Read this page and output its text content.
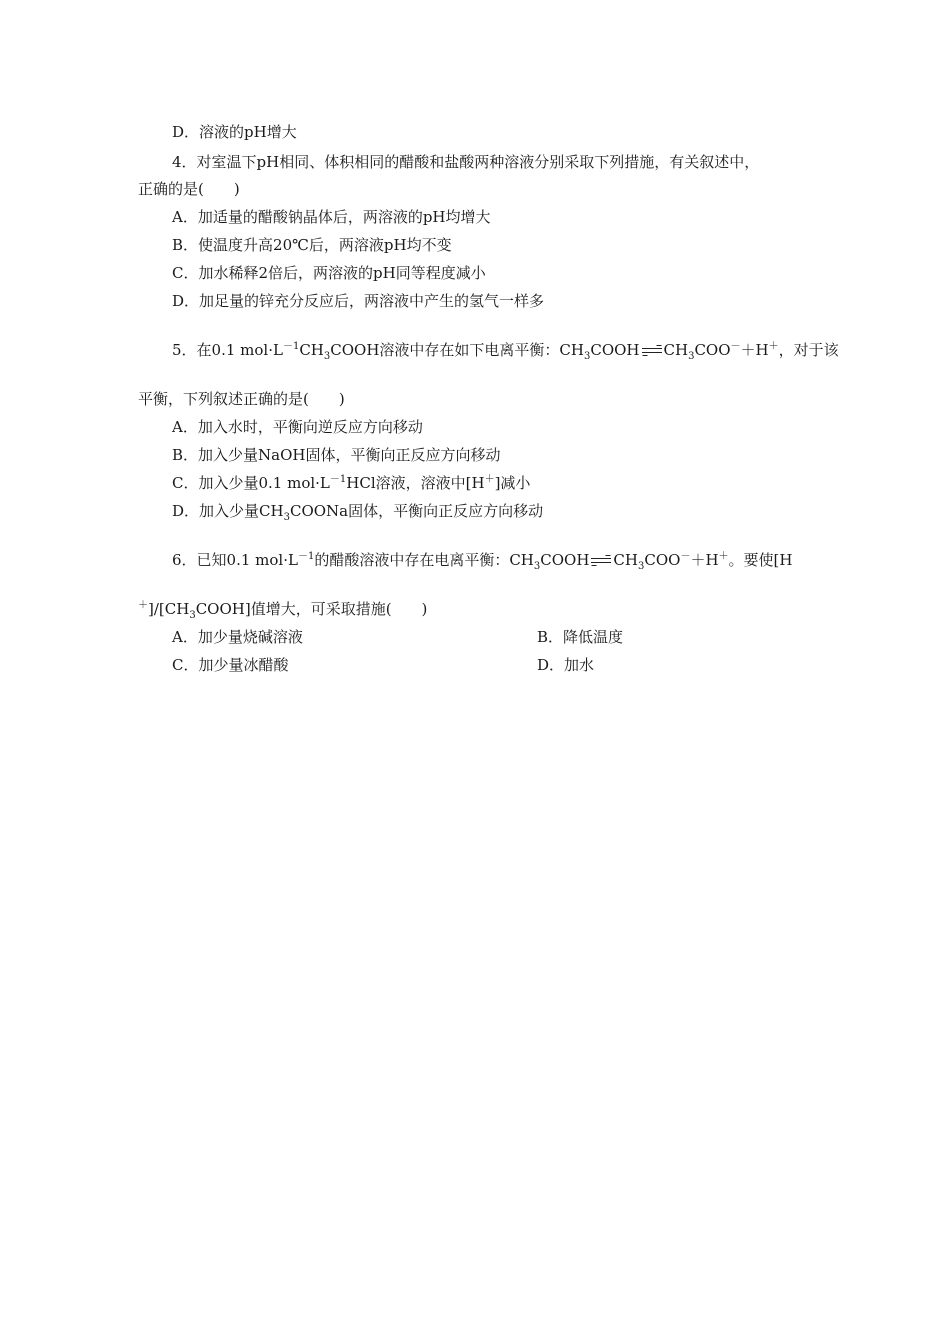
D．溶液的pH增大
4．对室温下pH相同、体积相同的醋酸和盐酸两种溶液分别采取下列措施，有关叙述中，
正确的是(　　)
A．加适量的醋酸钠晶体后，两溶液的pH均增大
B．使温度升高20℃后，两溶液pH均不变
C．加水稀释2倍后，两溶液的pH同等程度减小
D．加足量的锌充分反应后，两溶液中产生的氢气一样多
5．在0.1 $mol\cdot L^{-1}CH_3COOH$溶液中存在如下电离平衡：$CH_3COOH\to CH_3COO^-+H^+$，对于该
平衡，下列叙述正确的是(　　)
A．加入水时，平衡向逆反应方向移动
B．加入少量NaOH固体，平衡向正反应方向移动
C．加入少量0.1 $mol\cdot L^{-1}HCl$溶液，溶液中[H＋]减小
D．加入少量$CH_3COONa$固体，平衡向正反应方向移动
6．已知0.1 $mol\cdot L^{-1}$的醋酸溶液中存在电离平衡：$CH_3COOH\to CH_3COO^-+H^+$。要使[H
$^+]/[CH_3COOH]$值增大，可采取措施(　　)
A．加少量烧碱溶液	B．降低温度
C．加少量冰醋酸	D．加水
